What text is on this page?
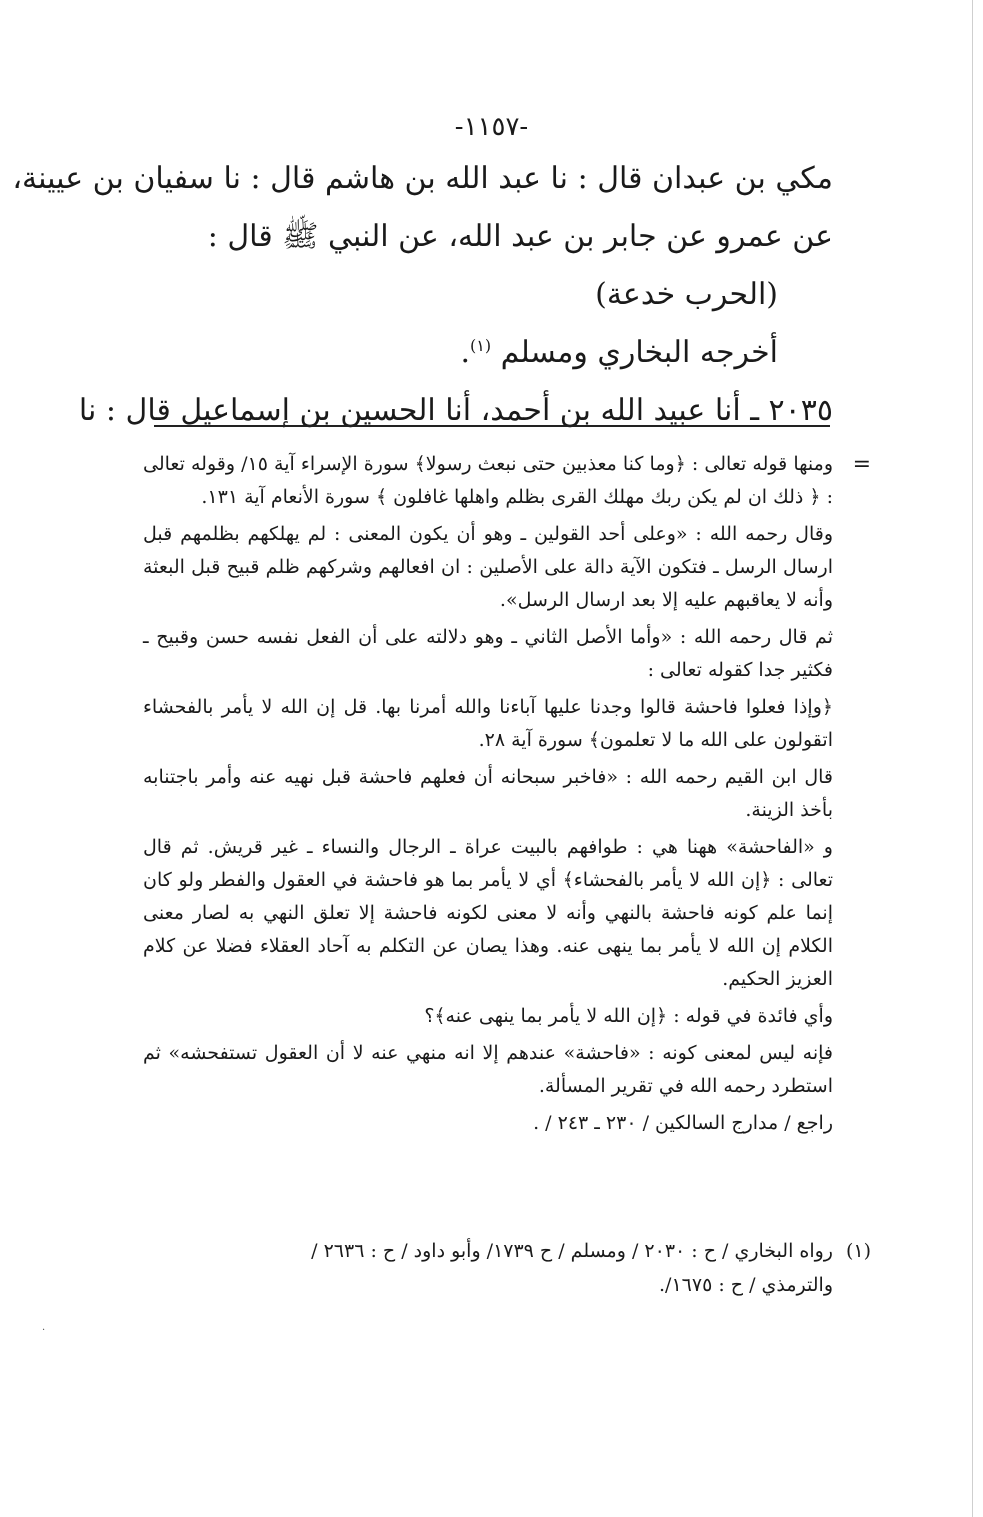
-١١٥٧-

مكي بن عبدان قال : نا عبد الله بن هاشم قال : نا سفيان بن عيينة،

عن عمرو عن جابر بن عبد الله، عن النبي ﷺ قال :

(الحرب خدعة)

أخرجه البخاري ومسلم $^{(١)}$.

٢٠٣٥ ـ أنا عبيد الله بن أحمد، أنا الحسين بن إسماعيل قال : نا

=

ومنها قوله تعالى : ﴿وما كنا معذبين حتى نبعث رسولا﴾ سورة الإسراء آية ١٥/ وقوله تعالى : ﴿ ذلك ان لم يكن ربك مهلك القرى بظلم واهلها غافلون ﴾ سورة الأنعام آية ١٣١.

وقال رحمه الله : «وعلى أحد القولين ـ وهو أن يكون المعنى : لم يهلكهم بظلمهم قبل ارسال الرسل ـ فتكون الآية دالة على الأصلين : ان افعالهم وشركهم ظلم قبيح قبل البعثة وأنه لا يعاقبهم عليه إلا بعد ارسال الرسل».

ثم قال رحمه الله : «وأما الأصل الثاني ـ وهو دلالته على أن الفعل نفسه حسن وقبيح ـ فكثير جدا كقوله تعالى :

﴿وإذا فعلوا فاحشة قالوا وجدنا عليها آباءنا والله أمرنا بها. قل إن الله لا يأمر بالفحشاء اتقولون على الله ما لا تعلمون﴾ سورة آية ٢٨.

قال ابن القيم رحمه الله : «فاخبر سبحانه أن فعلهم فاحشة قبل نهيه عنه وأمر باجتنابه بأخذ الزينة.

و «الفاحشة» ههنا هي : طوافهم بالبيت عراة ـ الرجال والنساء ـ غير قريش. ثم قال تعالى : ﴿إن الله لا يأمر بالفحشاء﴾ أي لا يأمر بما هو فاحشة في العقول والفطر ولو كان إنما علم كونه فاحشة بالنهي وأنه لا معنى لكونه فاحشة إلا تعلق النهي به لصار معنى الكلام إن الله لا يأمر بما ينهى عنه. وهذا يصان عن التكلم به آحاد العقلاء فضلا عن كلام العزيز الحكيم.

وأي فائدة في قوله : ﴿إن الله لا يأمر بما ينهى عنه﴾؟

فإنه ليس لمعنى كونه : «فاحشة» عندهم إلا انه منهي عنه لا أن العقول تستفحشه» ثم استطرد رحمه الله في تقرير المسألة.

راجع / مدارج السالكين / ٢٣٠ ـ ٢٤٣ / .

(١)رواه البخاري / ح : ٢٠٣٠ / ومسلم / ح ١٧٣٩/ وأبو داود / ح : ٢٦٣٦ /

والترمذي / ح : ١٦٧٥/.

·
